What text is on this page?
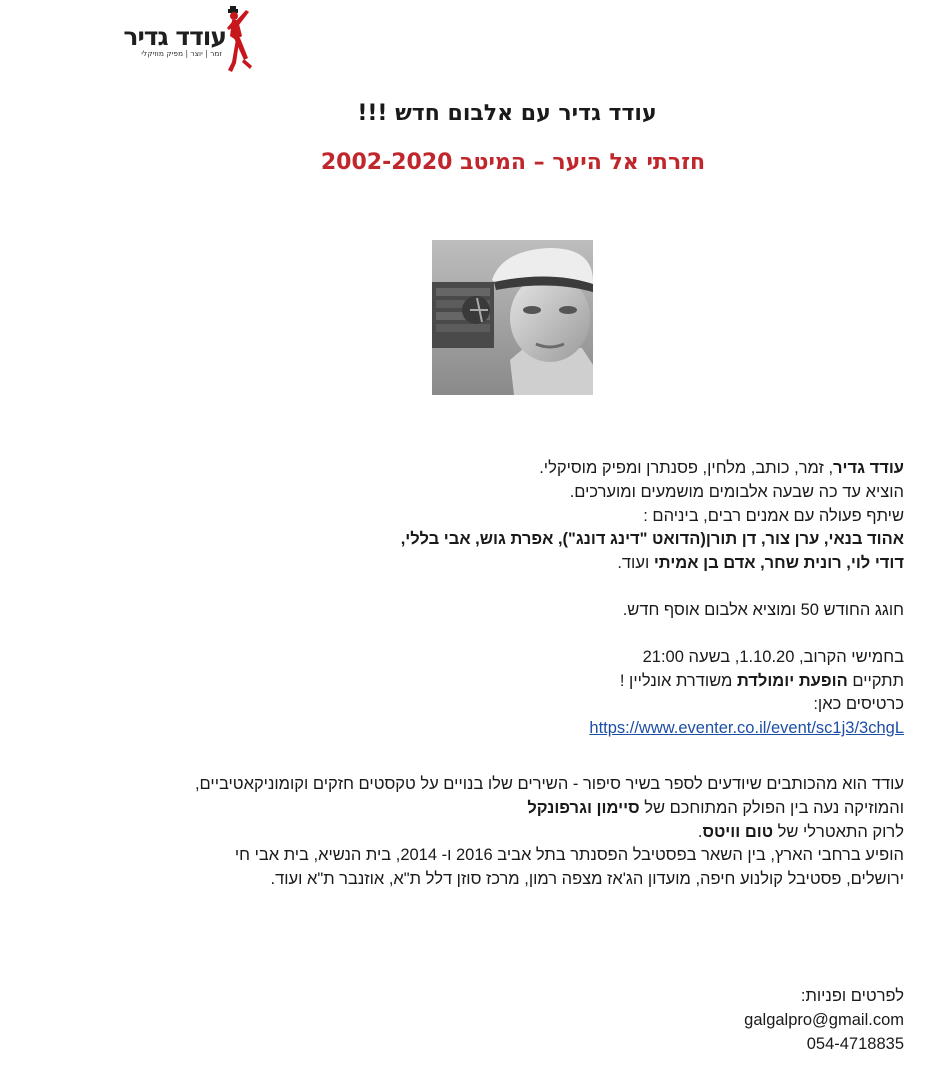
עודד גדיר
זמר | יוצר | מפיק מוזיקלי
עודד גדיר עם אלבום חדש !!!
חזרתי אל היער – המיטב 2002-2020

עודד גדיר, זמר, כותב, מלחין, פסנתרן ומפיק מוסיקלי.

הוציא עד כה שבעה אלבומים מושמעים ומוערכים.

שיתף פעולה עם אמנים רבים, ביניהם :

אהוד בנאי, ערן צור, דן תורן(הדואט "דינג דונג"), אפרת גוש, אבי בללי,

דודי לוי, רונית שחר, אדם בן אמיתי ועוד.

חוגג החודש 50 ומוציא אלבום אוסף חדש.

בחמישי הקרוב, 1.10.20, בשעה 21:00

תתקיים הופעת יומולדת משודרת אונליין !

כרטיסים כאן:

https://www.eventer.co.il/event/sc1j3/3chgL

עודד הוא מהכותבים שיודעים לספר בשיר סיפור - השירים שלו בנויים על טקסטים חזקים וקומוניקאטיביים, והמוזיקה נעה בין הפולק המתוחכם של סיימון וגרפונקל

לרוק התאטרלי של טום וויטס.

הופיע ברחבי הארץ, בין השאר בפסטיבל הפסנתר בתל אביב 2016 ו- 2014, בית הנשיא, בית אבי חי ירושלים, פסטיבל קולנוע חיפה, מועדון הג'אז מצפה רמון, מרכז סוזן דלל ת"א, אוזנבר ת"א ועוד.

לפרטים ופניות:

galgalpro@gmail.com

054-4718835
